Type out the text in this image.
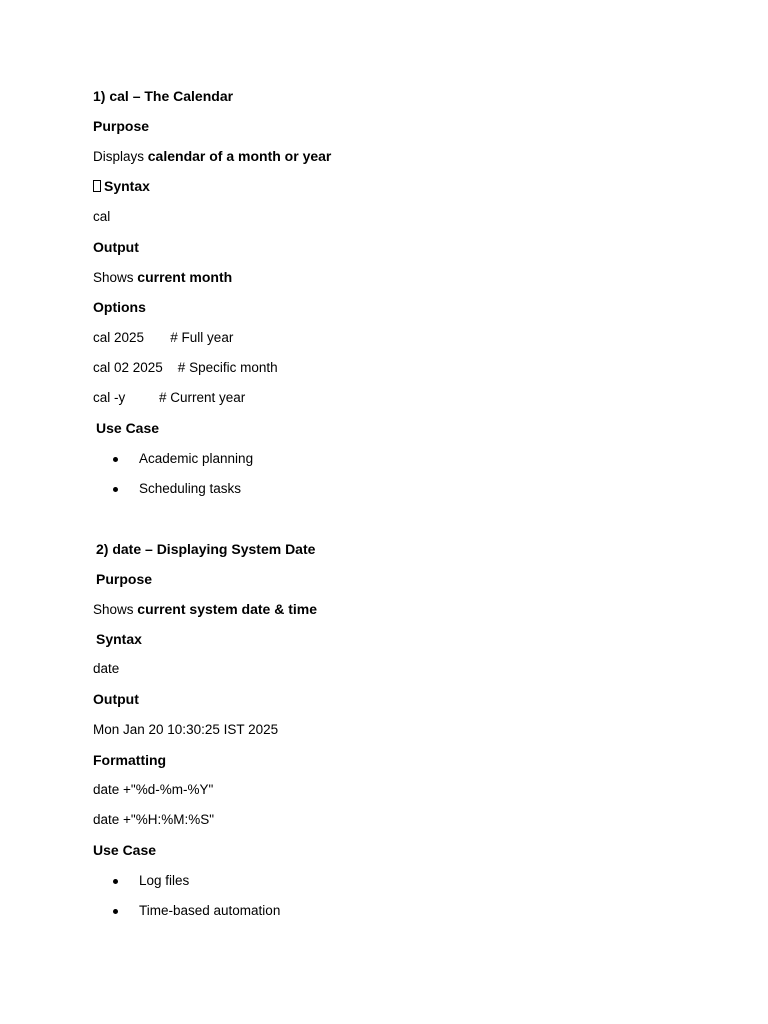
1) cal – The Calendar
Purpose
Displays calendar of a month or year
Syntax
cal
Output
Shows current month
Options
cal 2025       # Full year
cal 02 2025    # Specific month
cal -y         # Current year
Use Case
Academic planning
Scheduling tasks
2) date – Displaying System Date
Purpose
Shows current system date & time
Syntax
date
Output
Mon Jan 20 10:30:25 IST 2025
Formatting
date +"%d-%m-%Y"
date +"%H:%M:%S"
Use Case
Log files
Time-based automation
